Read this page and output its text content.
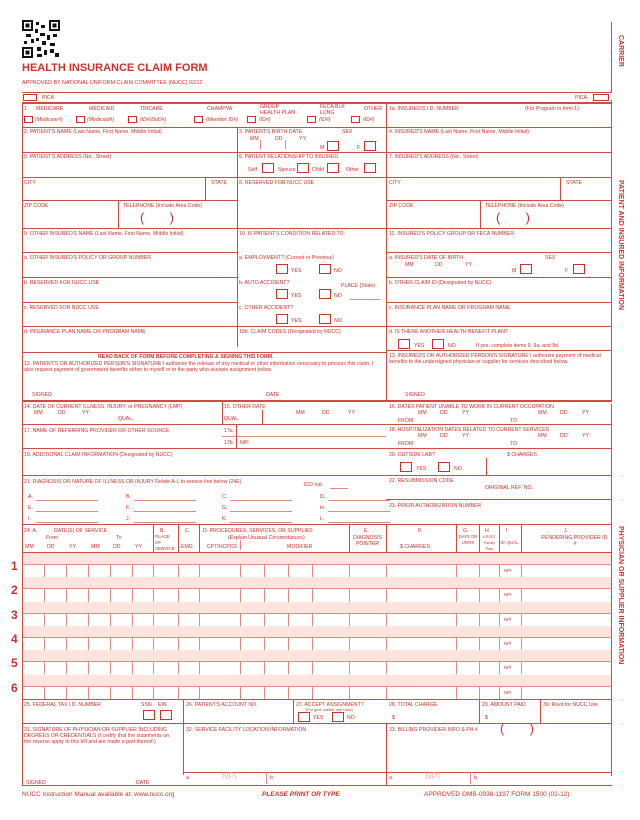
HEALTH INSURANCE CLAIM FORM
APPROVED BY NATIONAL UNIFORM CLAIM COMMITTEE (NUCC) 02/12
CARRIER
PATIENT AND INSURED INFORMATION
PHYSICIAN OR SUPPLIER INFORMATION
PICA	PICA
1. MEDICARE	MEDICAID	TRICARE	CHAMPVA	GROUP HEALTH PLAN
FECA BLK LUNG
OTHER
(Medicare#)	(Medicaid#)	(ID#/DoD#)	(Member ID#)	(ID#)	(ID#)	(ID#)
1a. INSURED'S I.D. NUMBER	(For Program in Item 1)
2. PATIENT'S NAME (Last Name, First Name, Middle Initial)	3. PATIENT'S BIRTH DATE	SEX
MM	DD	YY
M	F
4. INSURED'S NAME (Last Name, First Name, Middle Initial)
5. PATIENT'S ADDRESS (No., Street)	6. PATIENT RELATIONSHIP TO INSURED
Self	Spouse	Child	Other
7. INSURED'S ADDRESS (No., Street)
CITY	STATE 8. RESERVED FOR NUCC USE	CITY	STATE
ZIP CODE	TELEPHONE (Include Area Code)
(       )
ZIP CODE	TELEPHONE (Include Area Code)
(       )
9. OTHER INSURED'S NAME (Last Name, First Name, Middle Initial)	10. IS PATIENT'S CONDITION RELATED TO:	11. INSURED'S POLICY GROUP OR FECA NUMBER
a. OTHER INSURED'S POLICY OR GROUP NUMBER	a. EMPLOYMENT? (Current or Previous)
YES	NO
a. INSURED'S DATE OF BIRTH	SEX
MM	DD	YY
M	F
b. RESERVED FOR NUCC USE	b. AUTO ACCIDENT?	PLACE (State)
YES	NO
b. OTHER CLAIM ID (Designated by NUCC)
c. RESERVED FOR NUCC USE	c. OTHER ACCIDENT?
YES	NO
c. INSURANCE PLAN NAME OR PROGRAM NAME
d. INSURANCE PLAN NAME OR PROGRAM NAME	10d. CLAIM CODES (Designated by NUCC)	d. IS THERE ANOTHER HEALTH BENEFIT PLAN?
YES	NO	If yes, complete items 9, 9a, and 9d.
READ BACK OF FORM BEFORE COMPLETING & SIGNING THIS FORM.
12. PATIENT'S OR AUTHORIZED PERSON'S SIGNATURE I authorize the release of any medical or other information necessary to process this claim. I also request payment of government benefits either to myself or to the party who accepts assignment below.
SIGNED	DATE
13. INSURED'S OR AUTHORIZED PERSON'S SIGNATURE I authorize payment of medical benefits to the undersigned physician or supplier for services described below.
SIGNED
14. DATE OF CURRENT ILLNESS, INJURY, or PREGNANCY (LMP)
MM	DD	YY
QUAL.
15. OTHER DATE
QUAL.
MM	DD	YY
16. DATES PATIENT UNABLE TO WORK IN CURRENT OCCUPATION
MM	DD	YY	MM	DD	YY
FROM	TO
17. NAME OF REFERRING PROVIDER OR OTHER SOURCE	17a.
17b. NPI
18. HOSPITALIZATION DATES RELATED TO CURRENT SERVICES
MM	DD	YY	MM	DD	YY
FROM	TO
19. ADDITIONAL CLAIM INFORMATION (Designated by NUCC)	20. OUTSIDE LAB?	$ CHARGES
YES	NO
21. DIAGNOSIS OR NATURE OF ILLNESS OR INJURY Relate A-L to service line below (24E)	ICD Ind.
A.	B.	C.	D.
E.	F.	G.	H.
I.	J.	K.	L.
22. RESUBMISSION CODE
ORIGINAL REF. NO.
23. PRIOR AUTHORIZATION NUMBER
24. A.	DATE(S) OF SERVICE
From	To
MM	DD	YY	MM	DD	YY
B.
PLACE OF SERVICE
C.
EMG
D. PROCEDURES, SERVICES, OR SUPPLIES
(Explain Unusual Circumstances)
CPT/HCPCS	MODIFIER
E.
DIAGNOSIS POINTER
F.
$ CHARGES
G.
DAYS OR UNITS
H.
EPSDT Family Plan
I.
ID. QUAL.
J.
RENDERING PROVIDER ID. #
1	NPI
2	NPI
3	NPI
4	NPI
5	NPI
6	NPI
25. FEDERAL TAX I.D. NUMBER	SSN EIN	26. PATIENT'S ACCOUNT NO.	27. ACCEPT ASSIGNMENT?
(For govt. claims, see back)
YES	NO
28. TOTAL CHARGE
$
29. AMOUNT PAID
$
30. Rsvd for NUCC Use
31. SIGNATURE OF PHYSICIAN OR SUPPLIER INCLUDING DEGREES OR CREDENTIALS (I certify that the statements on the reverse apply to this bill and are made a part thereof.)
SIGNED	DATE
32. SERVICE FACILITY LOCATION INFORMATION	33. BILLING PROVIDER INFO & PH # (       )
a.	NPI	b.	a.	NPI	b.
NUCC Instruction Manual available at: www.nucc.org	PLEASE PRINT OR TYPE	APPROVED OMB-0938-1197 FORM 1500 (02-12)
